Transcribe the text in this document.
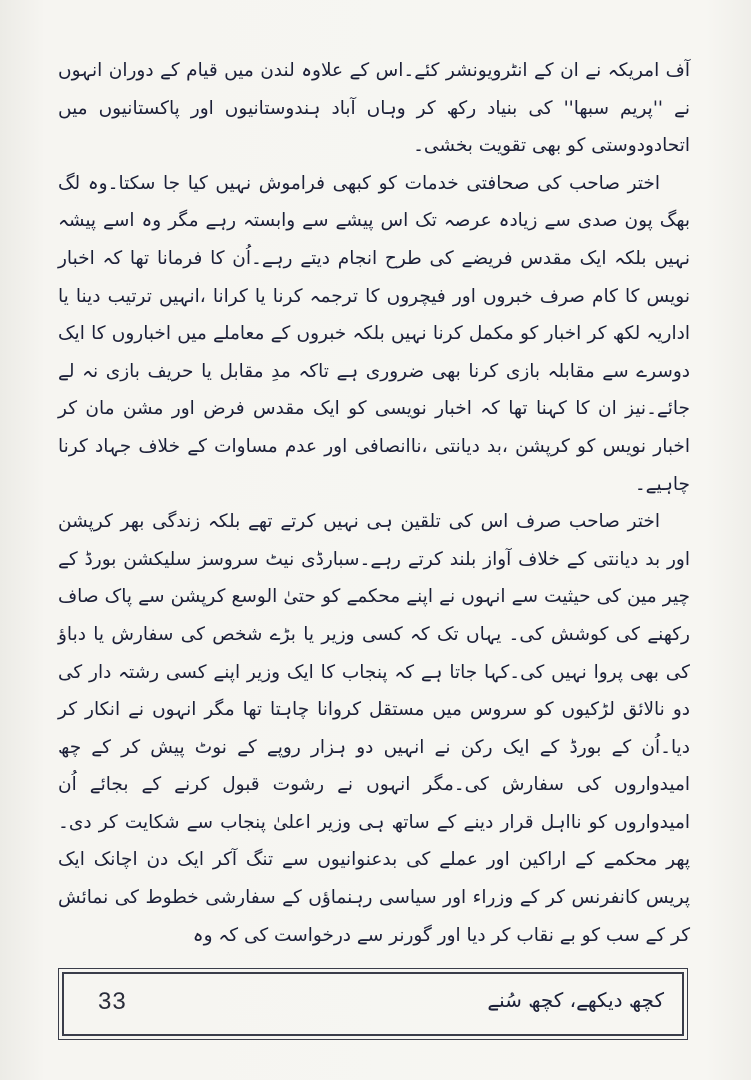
آف امریکہ نے ان کے انٹرویونشر کئے۔اس کے علاوہ لندن میں قیام کے دوران انہوں نے ''پریم سبھا'' کی بنیاد رکھ کر وہاں آباد ہندوستانیوں اور پاکستانیوں میں اتحادودوستی کو بھی تقویت بخشی۔

اختر صاحب کی صحافتی خدمات کو کبھی فراموش نہیں کیا جا سکتا۔وہ لگ بھگ پون صدی سے زیادہ عرصہ تک اس پیشے سے وابستہ رہے مگر وہ اسے پیشہ نہیں بلکہ ایک مقدس فریضے کی طرح انجام دیتے رہے۔اُن کا فرمانا تھا کہ اخبار نویس کا کام صرف خبروں اور فیچروں کا ترجمہ کرنا یا کرانا ،انہیں ترتیب دینا یا اداریہ لکھ کر اخبار کو مکمل کرنا نہیں بلکہ خبروں کے معاملے میں اخباروں کا ایک دوسرے سے مقابلہ بازی کرنا بھی ضروری ہے تاکہ مدِ مقابل یا حریف بازی نہ لے جائے۔نیز ان کا کہنا تھا کہ اخبار نویسی کو ایک مقدس فرض اور مشن مان کر اخبار نویس کو کرپشن ،بد دیانتی ،ناانصافی اور عدم مساوات کے خلاف جہاد کرنا چاہیے۔

اختر صاحب صرف اس کی تلقین ہی نہیں کرتے تھے بلکہ زندگی بھر کرپشن اور بد دیانتی کے خلاف آواز بلند کرتے رہے۔سبارڈی نیٹ سروسز سلیکشن بورڈ کے چیر مین کی حیثیت سے انہوں نے اپنے محکمے کو حتیٰ الوسع کرپشن سے پاک صاف رکھنے کی کوشش کی۔ یہاں تک کہ کسی وزیر یا بڑے شخص کی سفارش یا دباؤ کی بھی پروا نہیں کی۔کہا جاتا ہے کہ پنجاب کا ایک وزیر اپنے کسی رشتہ دار کی دو نالائق لڑکیوں کو سروس میں مستقل کروانا چاہتا تھا مگر انہوں نے انکار کر دیا۔اُن کے بورڈ کے ایک رکن نے انہیں دو ہزار روپے کے نوٹ پیش کر کے چھ امیدواروں کی سفارش کی۔مگر انہوں نے رشوت قبول کرنے کے بجائے اُن امیدواروں کو نااہل قرار دینے کے ساتھ ہی وزیر اعلیٰ پنجاب سے شکایت کر دی۔پھر محکمے کے اراکین اور عملے کی بدعنوانیوں سے تنگ آکر ایک دن اچانک ایک پریس کانفرنس کر کے وزراء اور سیاسی رہنماؤں کے سفارشی خطوط کی نمائش کر کے سب کو بے نقاب کر دیا اور گورنر سے درخواست کی کہ وہ

33	کچھ دیکھے، کچھ سُنے
